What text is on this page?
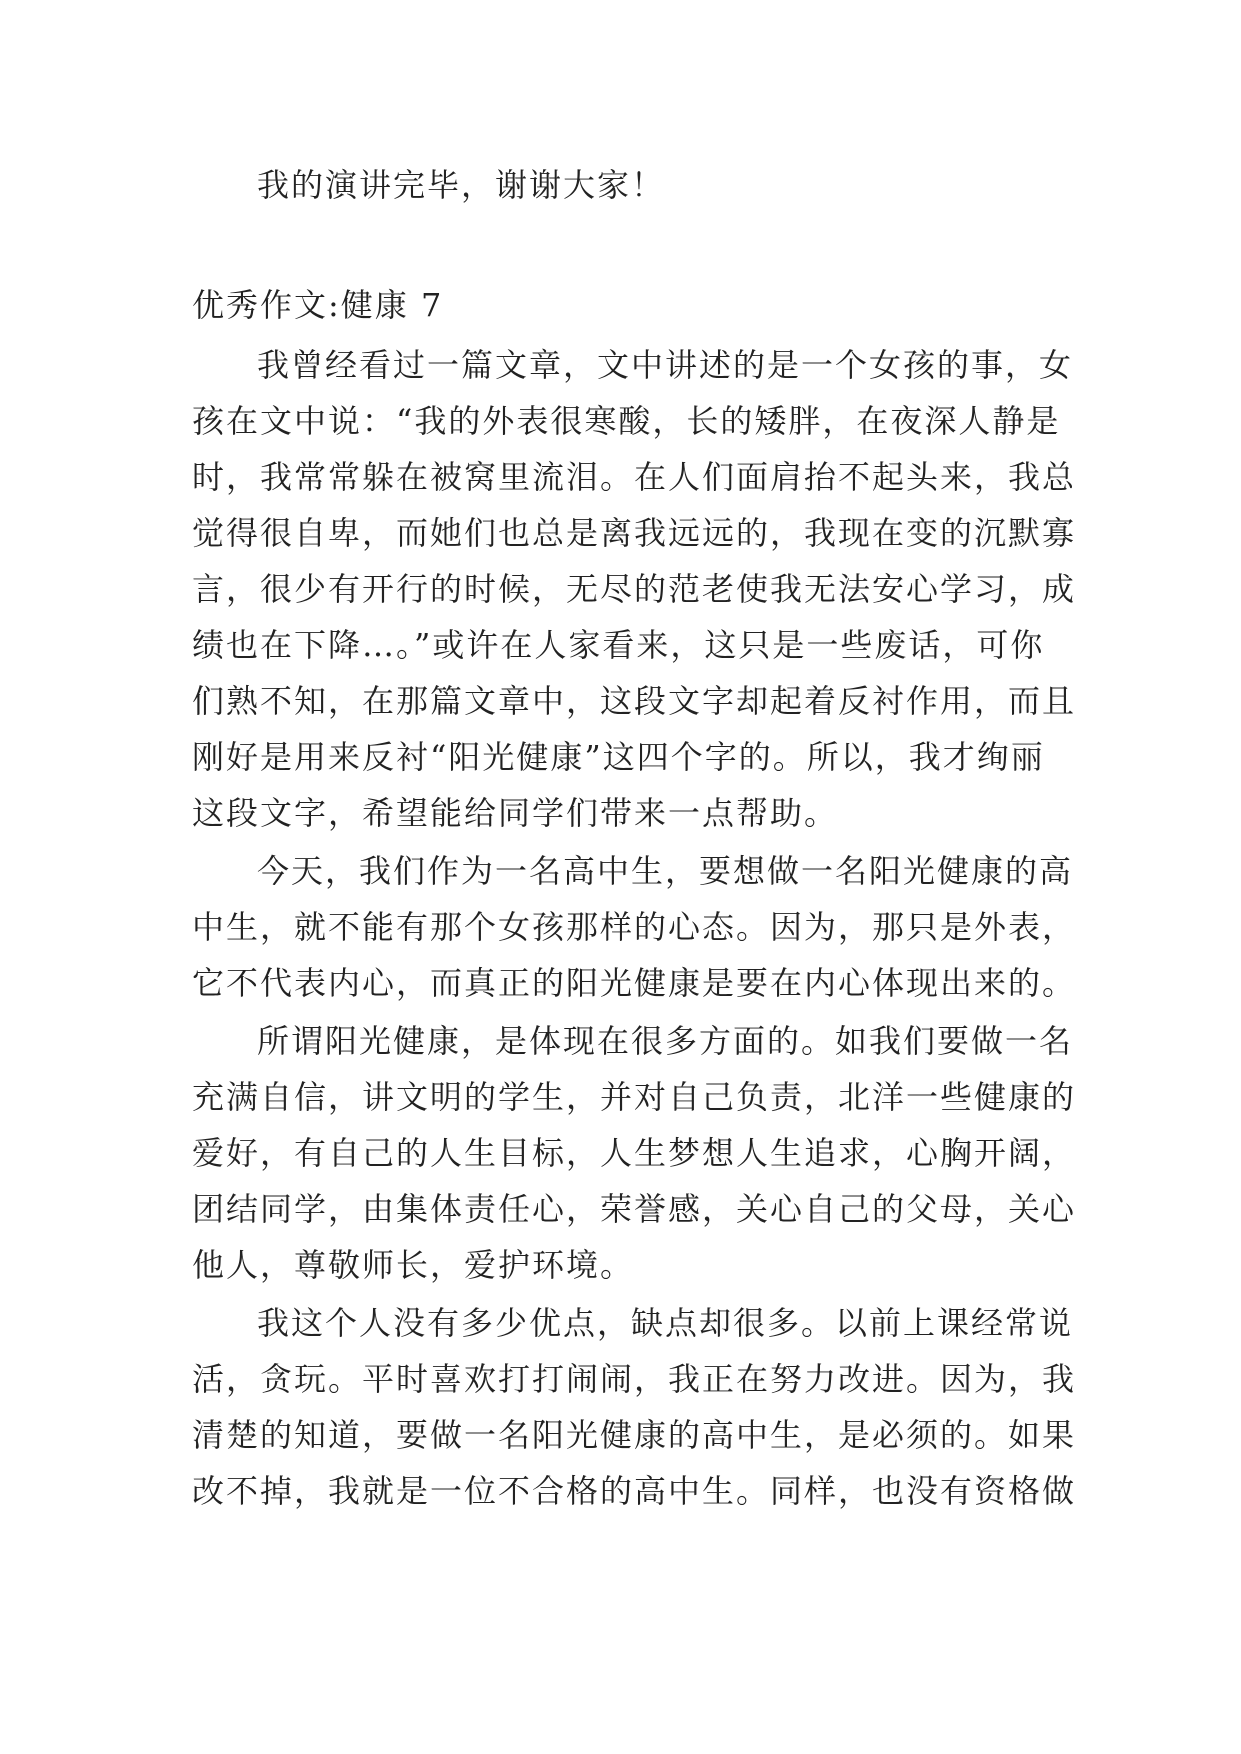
我的演讲完毕，谢谢大家！
优秀作文:健康 7
我曾经看过一篇文章，文中讲述的是一个女孩的事，女
孩在文中说：“我的外表很寒酸，长的矮胖，在夜深人静是
时，我常常躲在被窝里流泪。在人们面肩抬不起头来，我总
觉得很自卑，而她们也总是离我远远的，我现在变的沉默寡
言，很少有开行的时候，无尽的范老使我无法安心学习，成
绩也在下降…。”或许在人家看来，这只是一些废话，可你
们熟不知，在那篇文章中，这段文字却起着反衬作用，而且
刚好是用来反衬“阳光健康”这四个字的。所以，我才绚丽
这段文字，希望能给同学们带来一点帮助。
今天，我们作为一名高中生，要想做一名阳光健康的高
中生，就不能有那个女孩那样的心态。因为，那只是外表，
它不代表内心，而真正的阳光健康是要在内心体现出来的。
所谓阳光健康，是体现在很多方面的。如我们要做一名
充满自信，讲文明的学生，并对自己负责，北洋一些健康的
爱好，有自己的人生目标，人生梦想人生追求，心胸开阔，
团结同学，由集体责任心，荣誉感，关心自己的父母，关心
他人，尊敬师长，爱护环境。
我这个人没有多少优点，缺点却很多。以前上课经常说
活，贪玩。平时喜欢打打闹闹，我正在努力改进。因为，我
清楚的知道，要做一名阳光健康的高中生，是必须的。如果
改不掉，我就是一位不合格的高中生。同样，也没有资格做
